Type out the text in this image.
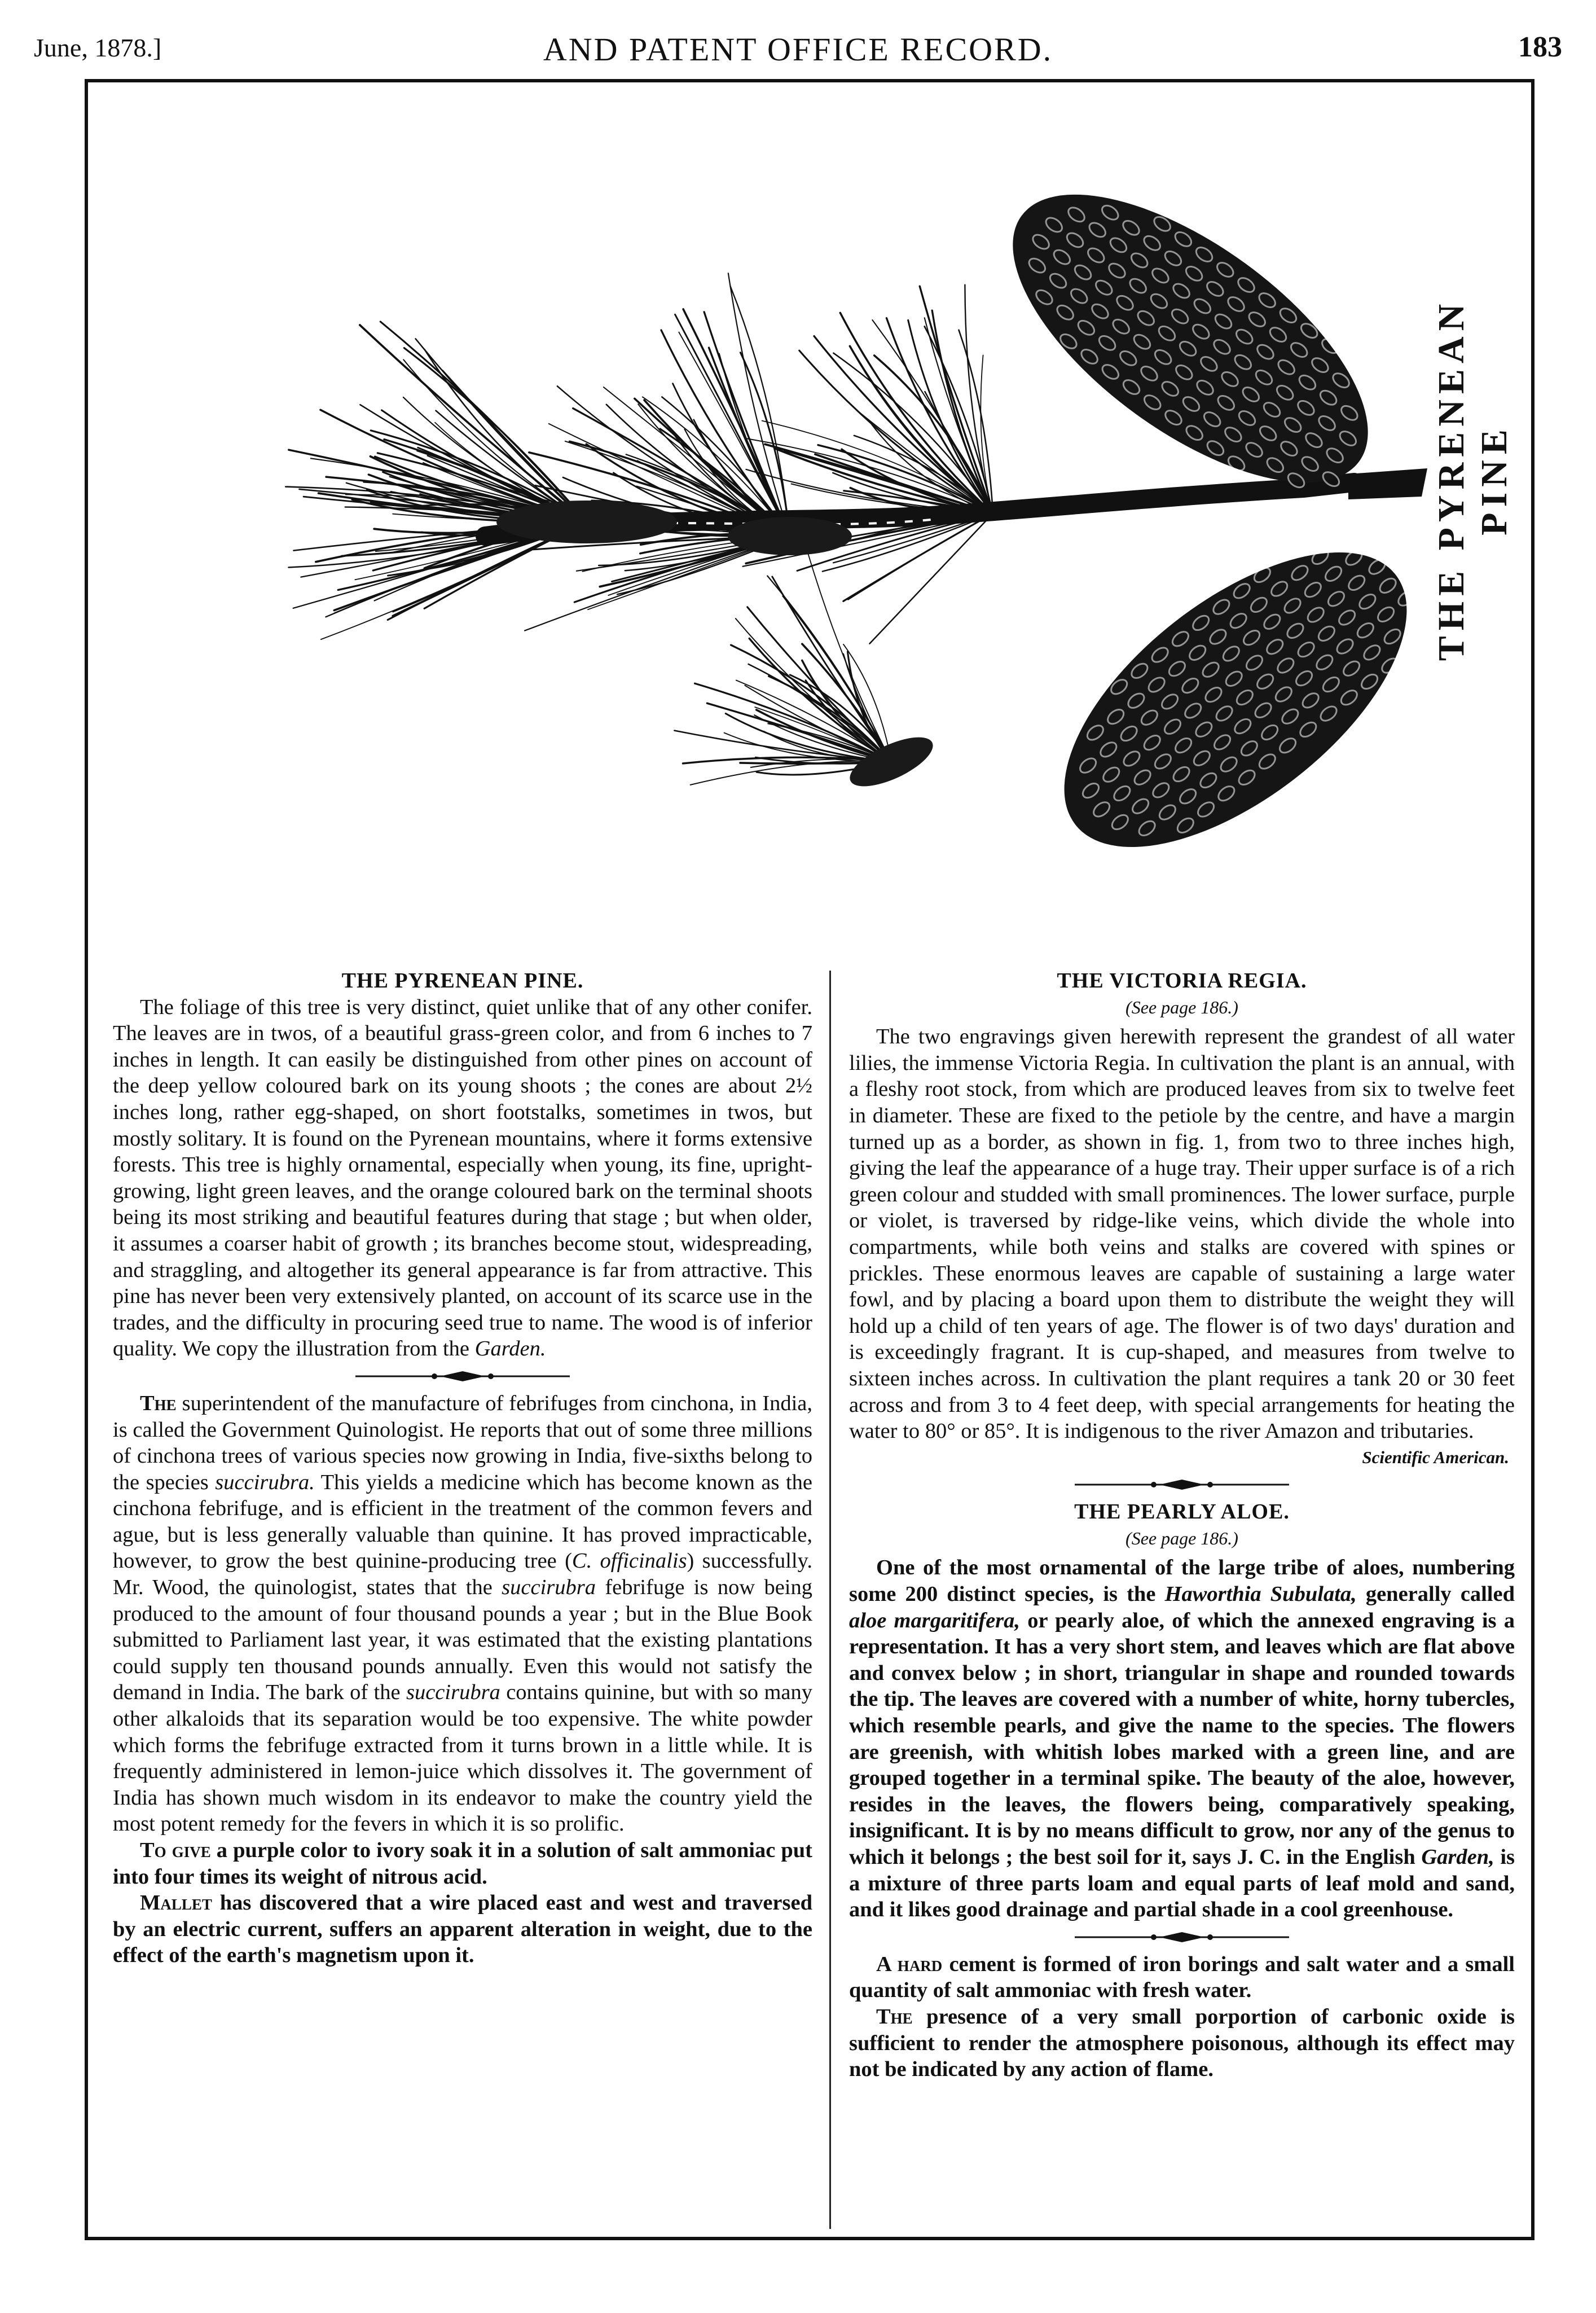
June, 1878.]	AND PATENT OFFICE RECORD.	183
THE PYRENEAN PINE
THE PYRENEAN PINE.

The foliage of this tree is very distinct, quiet unlike that of any other conifer. The leaves are in twos, of a beautiful grass-green color, and from 6 inches to 7 inches in length. It can easily be distinguished from other pines on account of the deep yellow coloured bark on its young shoots ; the cones are about 2½ inches long, rather egg-shaped, on short footstalks, sometimes in twos, but mostly solitary. It is found on the Pyrenean mountains, where it forms extensive forests. This tree is highly ornamental, especially when young, its fine, upright-growing, light green leaves, and the orange coloured bark on the terminal shoots being its most striking and beautiful features during that stage ; but when older, it assumes a coarser habit of growth ; its branches become stout, widespreading, and straggling, and altogether its general appearance is far from attractive. This pine has never been very extensively planted, on account of its scarce use in the trades, and the difficulty in procuring seed true to name. The wood is of inferior quality. We copy the illustration from the Garden.

The superintendent of the manufacture of febrifuges from cinchona, in India, is called the Government Quinologist. He reports that out of some three millions of cinchona trees of various species now growing in India, five-sixths belong to the species succirubra. This yields a medicine which has become known as the cinchona febrifuge, and is efficient in the treatment of the common fevers and ague, but is less generally valuable than quinine. It has proved impracticable, however, to grow the best quinine-producing tree (C. officinalis) successfully. Mr. Wood, the quinologist, states that the succirubra febrifuge is now being produced to the amount of four thousand pounds a year ; but in the Blue Book submitted to Parliament last year, it was estimated that the existing plantations could supply ten thousand pounds annually. Even this would not satisfy the demand in India. The bark of the succirubra contains quinine, but with so many other alkaloids that its separation would be too expensive. The white powder which forms the febrifuge extracted from it turns brown in a little while. It is frequently administered in lemon-juice which dissolves it. The government of India has shown much wisdom in its endeavor to make the country yield the most potent remedy for the fevers in which it is so prolific.

To give a purple color to ivory soak it in a solution of salt ammoniac put into four times its weight of nitrous acid.

Mallet has discovered that a wire placed east and west and traversed by an electric current, suffers an apparent alteration in weight, due to the effect of the earth's magnetism upon it.

THE VICTORIA REGIA.
(See page 186.)

The two engravings given herewith represent the grandest of all water lilies, the immense Victoria Regia. In cultivation the plant is an annual, with a fleshy root stock, from which are produced leaves from six to twelve feet in diameter. These are fixed to the petiole by the centre, and have a margin turned up as a border, as shown in fig. 1, from two to three inches high, giving the leaf the appearance of a huge tray. Their upper surface is of a rich green colour and studded with small prominences. The lower surface, purple or violet, is traversed by ridge-like veins, which divide the whole into compartments, while both veins and stalks are covered with spines or prickles. These enormous leaves are capable of sustaining a large water fowl, and by placing a board upon them to distribute the weight they will hold up a child of ten years of age. The flower is of two days' duration and is exceedingly fragrant. It is cup-shaped, and measures from twelve to sixteen inches across. In cultivation the plant requires a tank 20 or 30 feet across and from 3 to 4 feet deep, with special arrangements for heating the water to 80° or 85°. It is indigenous to the river Amazon and tributaries.

Scientific American.
THE PEARLY ALOE.
(See page 186.)

One of the most ornamental of the large tribe of aloes, numbering some 200 distinct species, is the Haworthia Subulata, generally called aloe margaritifera, or pearly aloe, of which the annexed engraving is a representation. It has a very short stem, and leaves which are flat above and convex below ; in short, triangular in shape and rounded towards the tip. The leaves are covered with a number of white, horny tubercles, which resemble pearls, and give the name to the species. The flowers are greenish, with whitish lobes marked with a green line, and are grouped together in a terminal spike. The beauty of the aloe, however, resides in the leaves, the flowers being, comparatively speaking, insignificant. It is by no means difficult to grow, nor any of the genus to which it belongs ; the best soil for it, says J. C. in the English Garden, is a mixture of three parts loam and equal parts of leaf mold and sand, and it likes good drainage and partial shade in a cool greenhouse.

A hard cement is formed of iron borings and salt water and a small quantity of salt ammoniac with fresh water.

The presence of a very small porportion of carbonic oxide is sufficient to render the atmosphere poisonous, although its effect may not be indicated by any action of flame.
